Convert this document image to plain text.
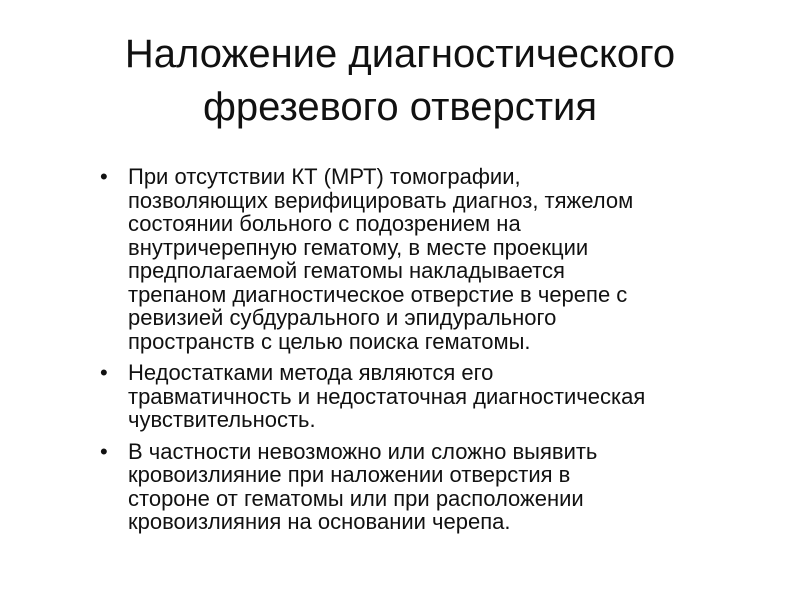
Наложение диагностического
фрезевого отверстия
• При отсутствии КТ (МРТ) томографии,
позволяющих верифицировать диагноз, тяжелом
состоянии больного с подозрением на
внутричерепную гематому, в месте проекции
предполагаемой гематомы накладывается
трепаном диагностическое отверстие в черепе с
ревизией субдурального и эпидурального
пространств с целью поиска гематомы.
• Недостатками метода являются его
травматичность и недостаточная диагностическая
чувствительность.
• В частности невозможно или сложно выявить
кровоизлияние при наложении отверстия в
стороне от гематомы или при расположении
кровоизлияния на основании черепа.
